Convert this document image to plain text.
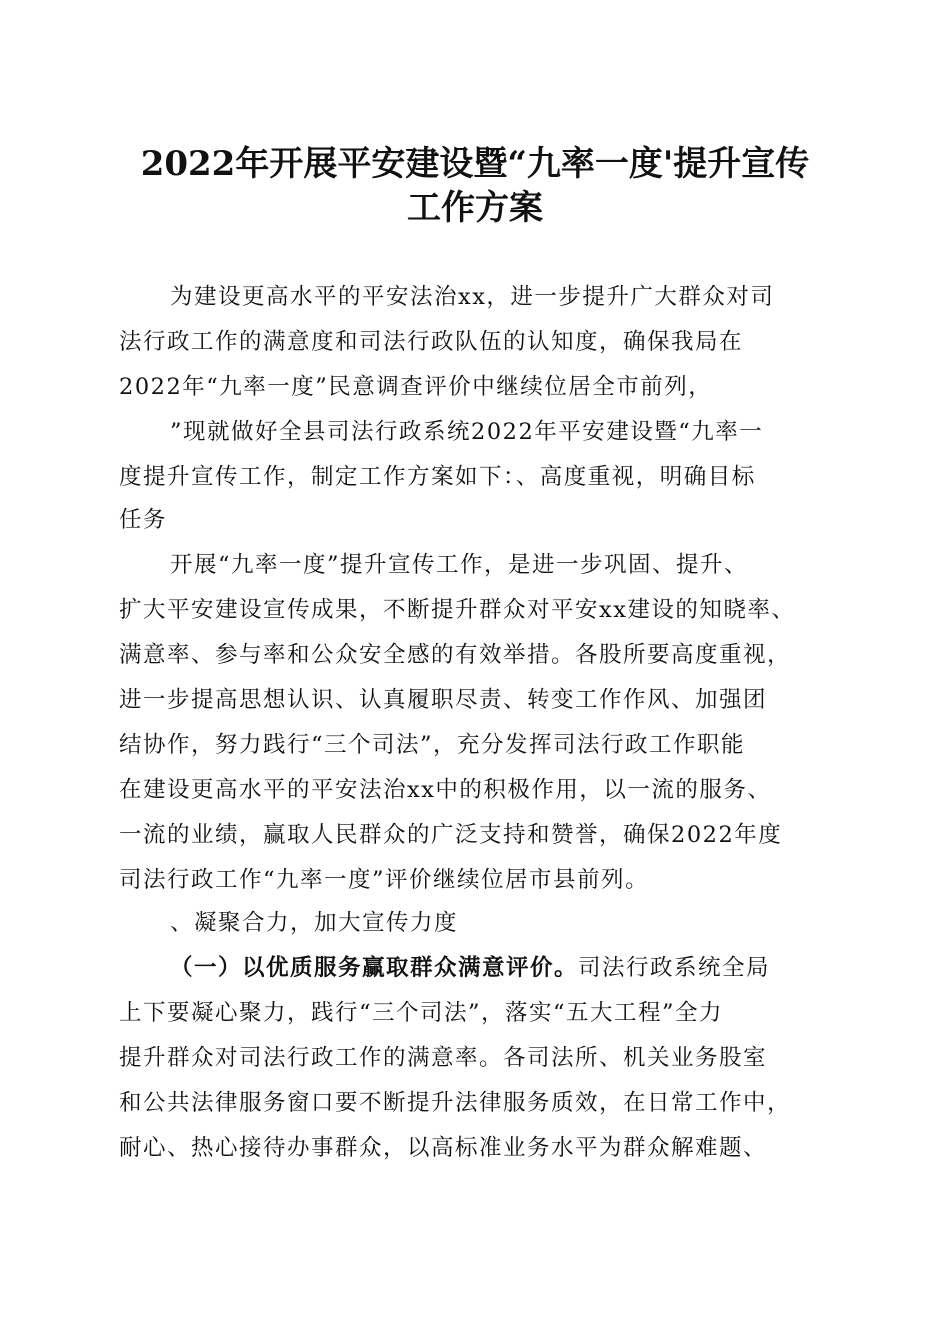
2022年开展平安建设暨“九率一度'提升宣传
工作方案

为建设更高水平的平安法治xx，进一步提升广大群众对司

法行政工作的满意度和司法行政队伍的认知度，确保我局在

2022年“九率一度”民意调查评价中继续位居全市前列，

”现就做好全县司法行政系统2022年平安建设暨“九率一

度提升宣传工作，制定工作方案如下：、高度重视，明确目标

任务

开展“九率一度”提升宣传工作，是进一步巩固、提升、

扩大平安建设宣传成果，不断提升群众对平安xx建设的知晓率、

满意率、参与率和公众安全感的有效举措。各股所要高度重视，

进一步提高思想认识、认真履职尽责、转变工作作风、加强团

结协作，努力践行“三个司法”，充分发挥司法行政工作职能

在建设更高水平的平安法治xx中的积极作用，以一流的服务、

一流的业绩，赢取人民群众的广泛支持和赞誉，确保2022年度

司法行政工作“九率一度”评价继续位居市县前列。

、凝聚合力，加大宣传力度

（一）以优质服务赢取群众满意评价。司法行政系统全局

上下要凝心聚力，践行“三个司法”，落实“五大工程”全力

提升群众对司法行政工作的满意率。各司法所、机关业务股室

和公共法律服务窗口要不断提升法律服务质效，在日常工作中，

耐心、热心接待办事群众，以高标准业务水平为群众解难题、
